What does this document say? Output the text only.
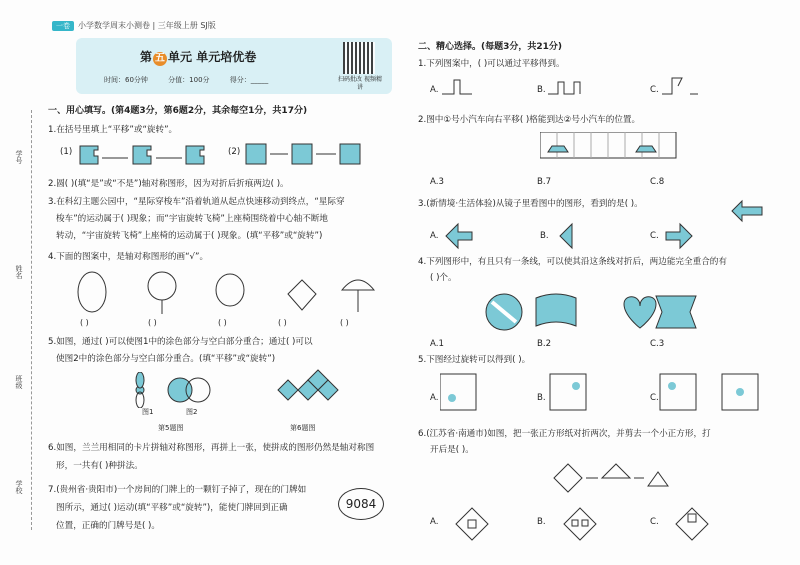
一卷 小学数学周末小测卷 | 三年级上册 SJ版
第 五 单元 单元培优卷
时间：60分钟	分值：100分	得分：_____	扫码批改 视频精讲
学号
姓名
班级
学校
一、用心填写。(第4题3分，第6题2分，其余每空1分，共17分)
1.在括号里填上“平移”或“旋转”。
(1)	(2)
2.圆( )(填“是”或“不是”)轴对称图形，因为对折后折痕两边( )。
3.在科幻主题公园中，“星际穿梭车”沿着轨道从起点快速移动到终点，“星际穿
梭车”的运动属于( )现象；而“宇宙旋转飞椅”上座椅围绕着中心轴不断地
转动，“宇宙旋转飞椅”上座椅的运动属于( )现象。(填“平移”或“旋转”)
4.下面的图案中，是轴对称图形的画“√”。
( )	( )	( )	( )	( )
5.如图，通过( )可以使图1中的涂色部分与空白部分重合；通过( )可以
使图2中的涂色部分与空白部分重合。(填“平移”或“旋转”)
图1	图2
第5题图	第6题图
6.如图，兰兰用相同的卡片拼轴对称图形，再拼上一张，使拼成的图形仍然是轴对称图
形，一共有( )种拼法。
7.(贵州省·贵阳市)一个房间的门牌上的一颗钉子掉了，现在的门牌如
图所示，通过( )运动(填“平移”或“旋转”)，能使门牌回到正确
位置，正确的门牌号是( )。
9084
二、精心选择。(每题3分，共21分)
1.下列图案中，( )可以通过平移得到。
A.	B.	C.
2.图中①号小汽车向右平移( )格能到达②号小汽车的位置。
A.3	B.7	C.8
3.(新情境·生活体验)从镜子里看图中的图形，看到的是( )。
A.	B.	C.
4.下列图形中，有且只有一条线，可以使其沿这条线对折后，两边能完全重合的有
( )个。
A.1	B.2	C.3
5.下图经过旋转可以得到( )。
A.	B.	C.
6.(江苏省·南通市)如图，把一张正方形纸对折两次，并剪去一个小正方形，打
开后是( )。
A.	B.	C.
